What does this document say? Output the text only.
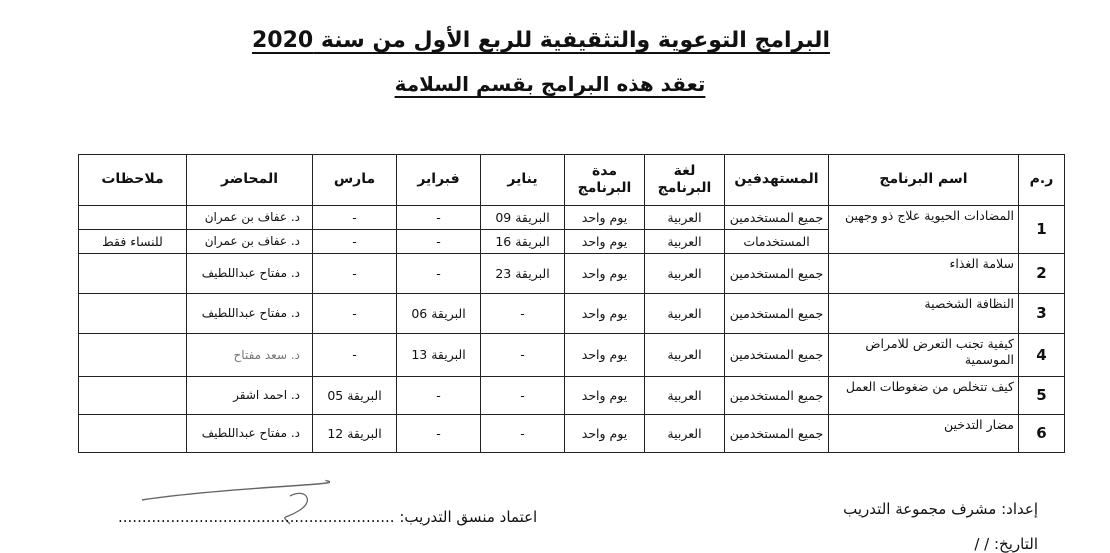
البرامج التوعوية والتثقيفية للربع الأول من سنة 2020
تعقد هذه البرامج بقسم السلامة
ر.م	اسم البرنامج	المستهدفين	لغة البرنامج	مدة البرنامج	يناير	فبراير	مارس	المحاضر	ملاحظات
1	المضادات الحيوية علاج ذو وجهين	جميع المستخدمين	العربية	يوم واحد	البريقة 09	-	-	د. عفاف بن عمران	
		المستخدمات	العربية	يوم واحد	البريقة 16	-	-	د. عفاف بن عمران	للنساء فقط
2	سلامة الغذاء	جميع المستخدمين	العربية	يوم واحد	البريقة 23	-	-	د. مفتاح عبداللطيف	
3	النظافة الشخصية	جميع المستخدمين	العربية	يوم واحد	-	البريقة 06	-	د. مفتاح عبداللطيف	
4	كيفية تجنب التعرض للامراض الموسمية	جميع المستخدمين	العربية	يوم واحد	-	البريقة 13	-	د. سعد مفتاح	
5	كيف تتخلص من ضغوطات العمل	جميع المستخدمين	العربية	يوم واحد	-	-	البريقة 05	د. احمد اشقر	
6	مضار التدخين	جميع المستخدمين	العربية	يوم واحد	-	-	البريقة 12	د. مفتاح عبداللطيف	
إعداد: مشرف مجموعة التدريب
اعتماد منسق التدريب: ..........................................................
التاريخ: / /
